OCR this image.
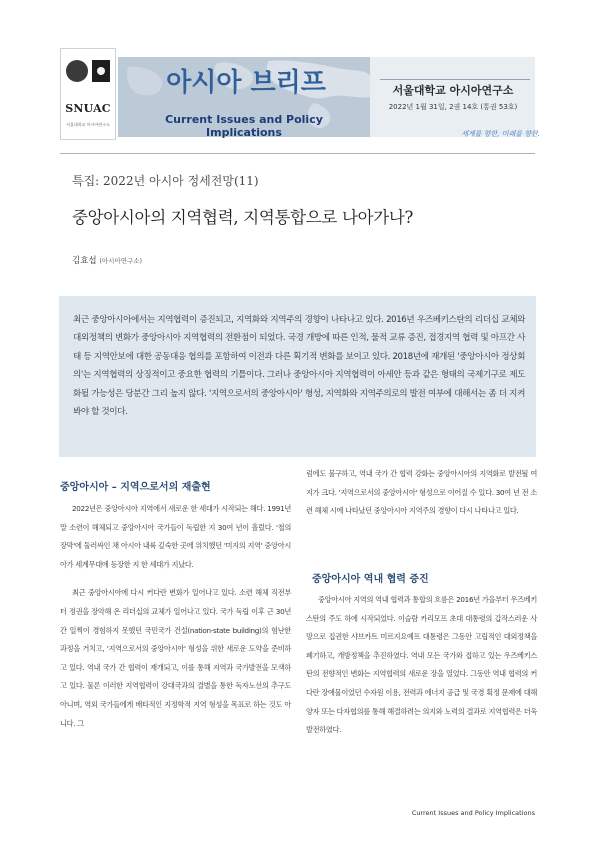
SNUAC
서울대학교 아시아연구소
아시아 브리프
Current Issues and Policy Implications
서울대학교 아시아연구소
2022년 1월 31일, 2권 14호 (통권 53호)
세계를 향한, 미래를 향한.
특집: 2022년 아시아 정세전망(11)
중앙아시아의 지역협력, 지역통합으로 나아가나?
김효섭 (아시아연구소)
최근 중앙아시아에서는 지역협력이 증진되고, 지역화와 지역주의 경향이 나타나고 있다. 2016년 우즈베키스탄의 리더십 교체와 대외정책의 변화가 중앙아시아 지역협력의 전환점이 되었다. 국경 개방에 따른 인적, 물적 교류 증진, 접경지역 협력 및 아프간 사태 등 지역안보에 대한 공동대응 협의를 포함하여 이전과 다른 획기적 변화를 보이고 있다. 2018년에 재개된 '중앙아시아 정상회의'는 지역협력의 상징적이고 중요한 협력의 기틀이다. 그러나 중앙아시아 지역협력이 아세안 등과 같은 형태의 국제기구로 제도화될 가능성은 당분간 그리 높지 않다. '지역으로서의 중앙아시아' 형성, 지역화와 지역주의로의 발전 여부에 대해서는 좀 더 지켜봐야 할 것이다.
중앙아시아 – 지역으로서의 재출현

2022년은 중앙아시아 지역에서 새로운 한 세대가 시작되는 해다. 1991년 말 소련이 해체되고 중앙아시아 국가들이 독립한 지 30여 년이 흘렀다. '철의 장막'에 둘러싸인 채 아시아 내륙 깊숙한 곳에 위치했던 '미지의 지역' 중앙아시아가 세계무대에 등장한 지 한 세대가 지났다.

최근 중앙아시아에 다시 커다란 변화가 일어나고 있다. 소련 해체 직전부터 정권을 장악해 온 리더십의 교체가 일어나고 있다. 국가 독립 이후 근 30년간 일찍이 경험하지 못했던 국민국가 건설(nation-state building)의 험난한 과정을 거치고, '지역으로서의 중앙아시아' 형성을 위한 새로운 도약을 준비하고 있다. 역내 국가 간 협력이 재개되고, 이를 통해 지역과 국가발전을 모색하고 있다. 물론 이러한 지역협력이 강대국과의 결별을 통한 독자노선의 추구도 아니며, 역외 국가들에게 배타적인 지정학적 지역 형성을 목표로 하는 것도 아니다. 그

럼에도 불구하고, 역내 국가 간 협력 강화는 중앙아시아의 지역화로 발전될 여지가 크다. '지역으로서의 중앙아시아' 형성으로 이어질 수 있다. 30여 년 전 소련 해체 시에 나타났던 중앙아시아 지역주의 경향이 다시 나타나고 있다.

중앙아시아 역내 협력 증진

중앙아시아 지역의 역내 협력과 통합의 흐름은 2016년 가을부터 우즈베키스탄의 주도 하에 시작되었다. 이슬람 카리모프 초대 대통령의 갑작스러운 사망으로 집권한 샤브카트 미르지요예프 대통령은 그동안 고립적인 대외정책을 폐기하고, 개방정책을 추진하였다. 역내 모든 국가와 접하고 있는 우즈베키스탄의 전향적인 변화는 지역협력의 새로운 장을 열었다. 그동안 역내 협력의 커다란 장애물이었던 수자원 이용, 전력과 에너지 공급 및 국경 획정 문제에 대해 양자 또는 다자협의를 통해 해결하려는 의지와 노력의 결과로 지역협력은 더욱 발전하였다.

Current Issues and Policy Implications
